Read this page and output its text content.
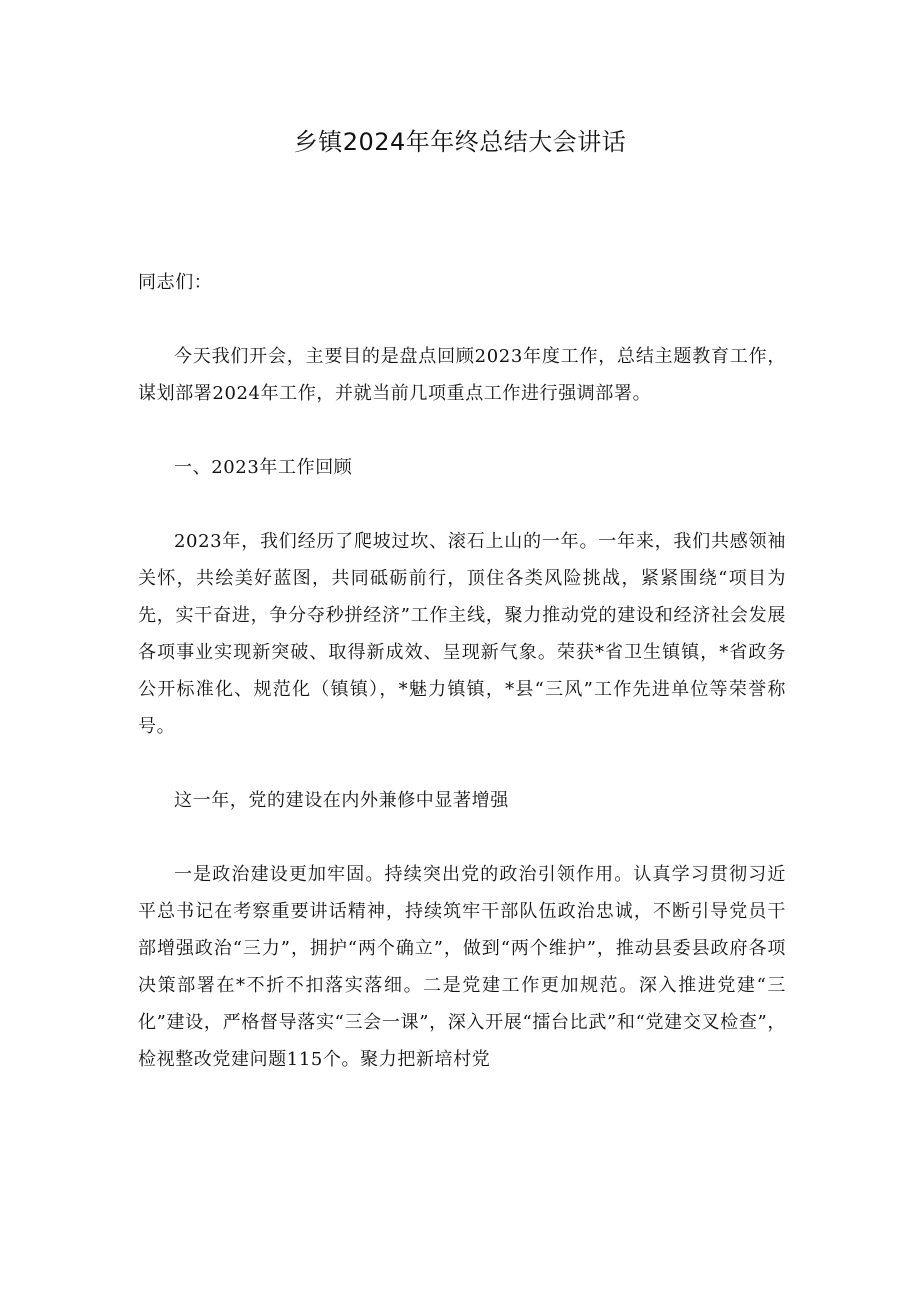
乡镇2024年年终总结大会讲话

同志们：

今天我们开会，主要目的是盘点回顾2023年度工作，总结主题教育工作，谋划部署2024年工作，并就当前几项重点工作进行强调部署。

一、2023年工作回顾

2023年，我们经历了爬坡过坎、滚石上山的一年。一年来，我们共感领袖关怀，共绘美好蓝图，共同砥砺前行，顶住各类风险挑战，紧紧围绕“项目为先，实干奋进，争分夺秒拼经济”工作主线，聚力推动党的建设和经济社会发展各项事业实现新突破、取得新成效、呈现新气象。荣获*省卫生镇镇，*省政务公开标准化、规范化（镇镇），*魅力镇镇，*县“三风”工作先进单位等荣誉称号。

这一年，党的建设在内外兼修中显著增强

一是政治建设更加牢固。持续突出党的政治引领作用。认真学习贯彻习近平总书记在考察重要讲话精神，持续筑牢干部队伍政治忠诚，不断引导党员干部增强政治“三力”，拥护“两个确立”，做到“两个维护”，推动县委县政府各项决策部署在*不折不扣落实落细。二是党建工作更加规范。深入推进党建“三化”建设，严格督导落实“三会一课”，深入开展“擂台比武”和“党建交叉检查”，检视整改党建问题115个。聚力把新培村党
